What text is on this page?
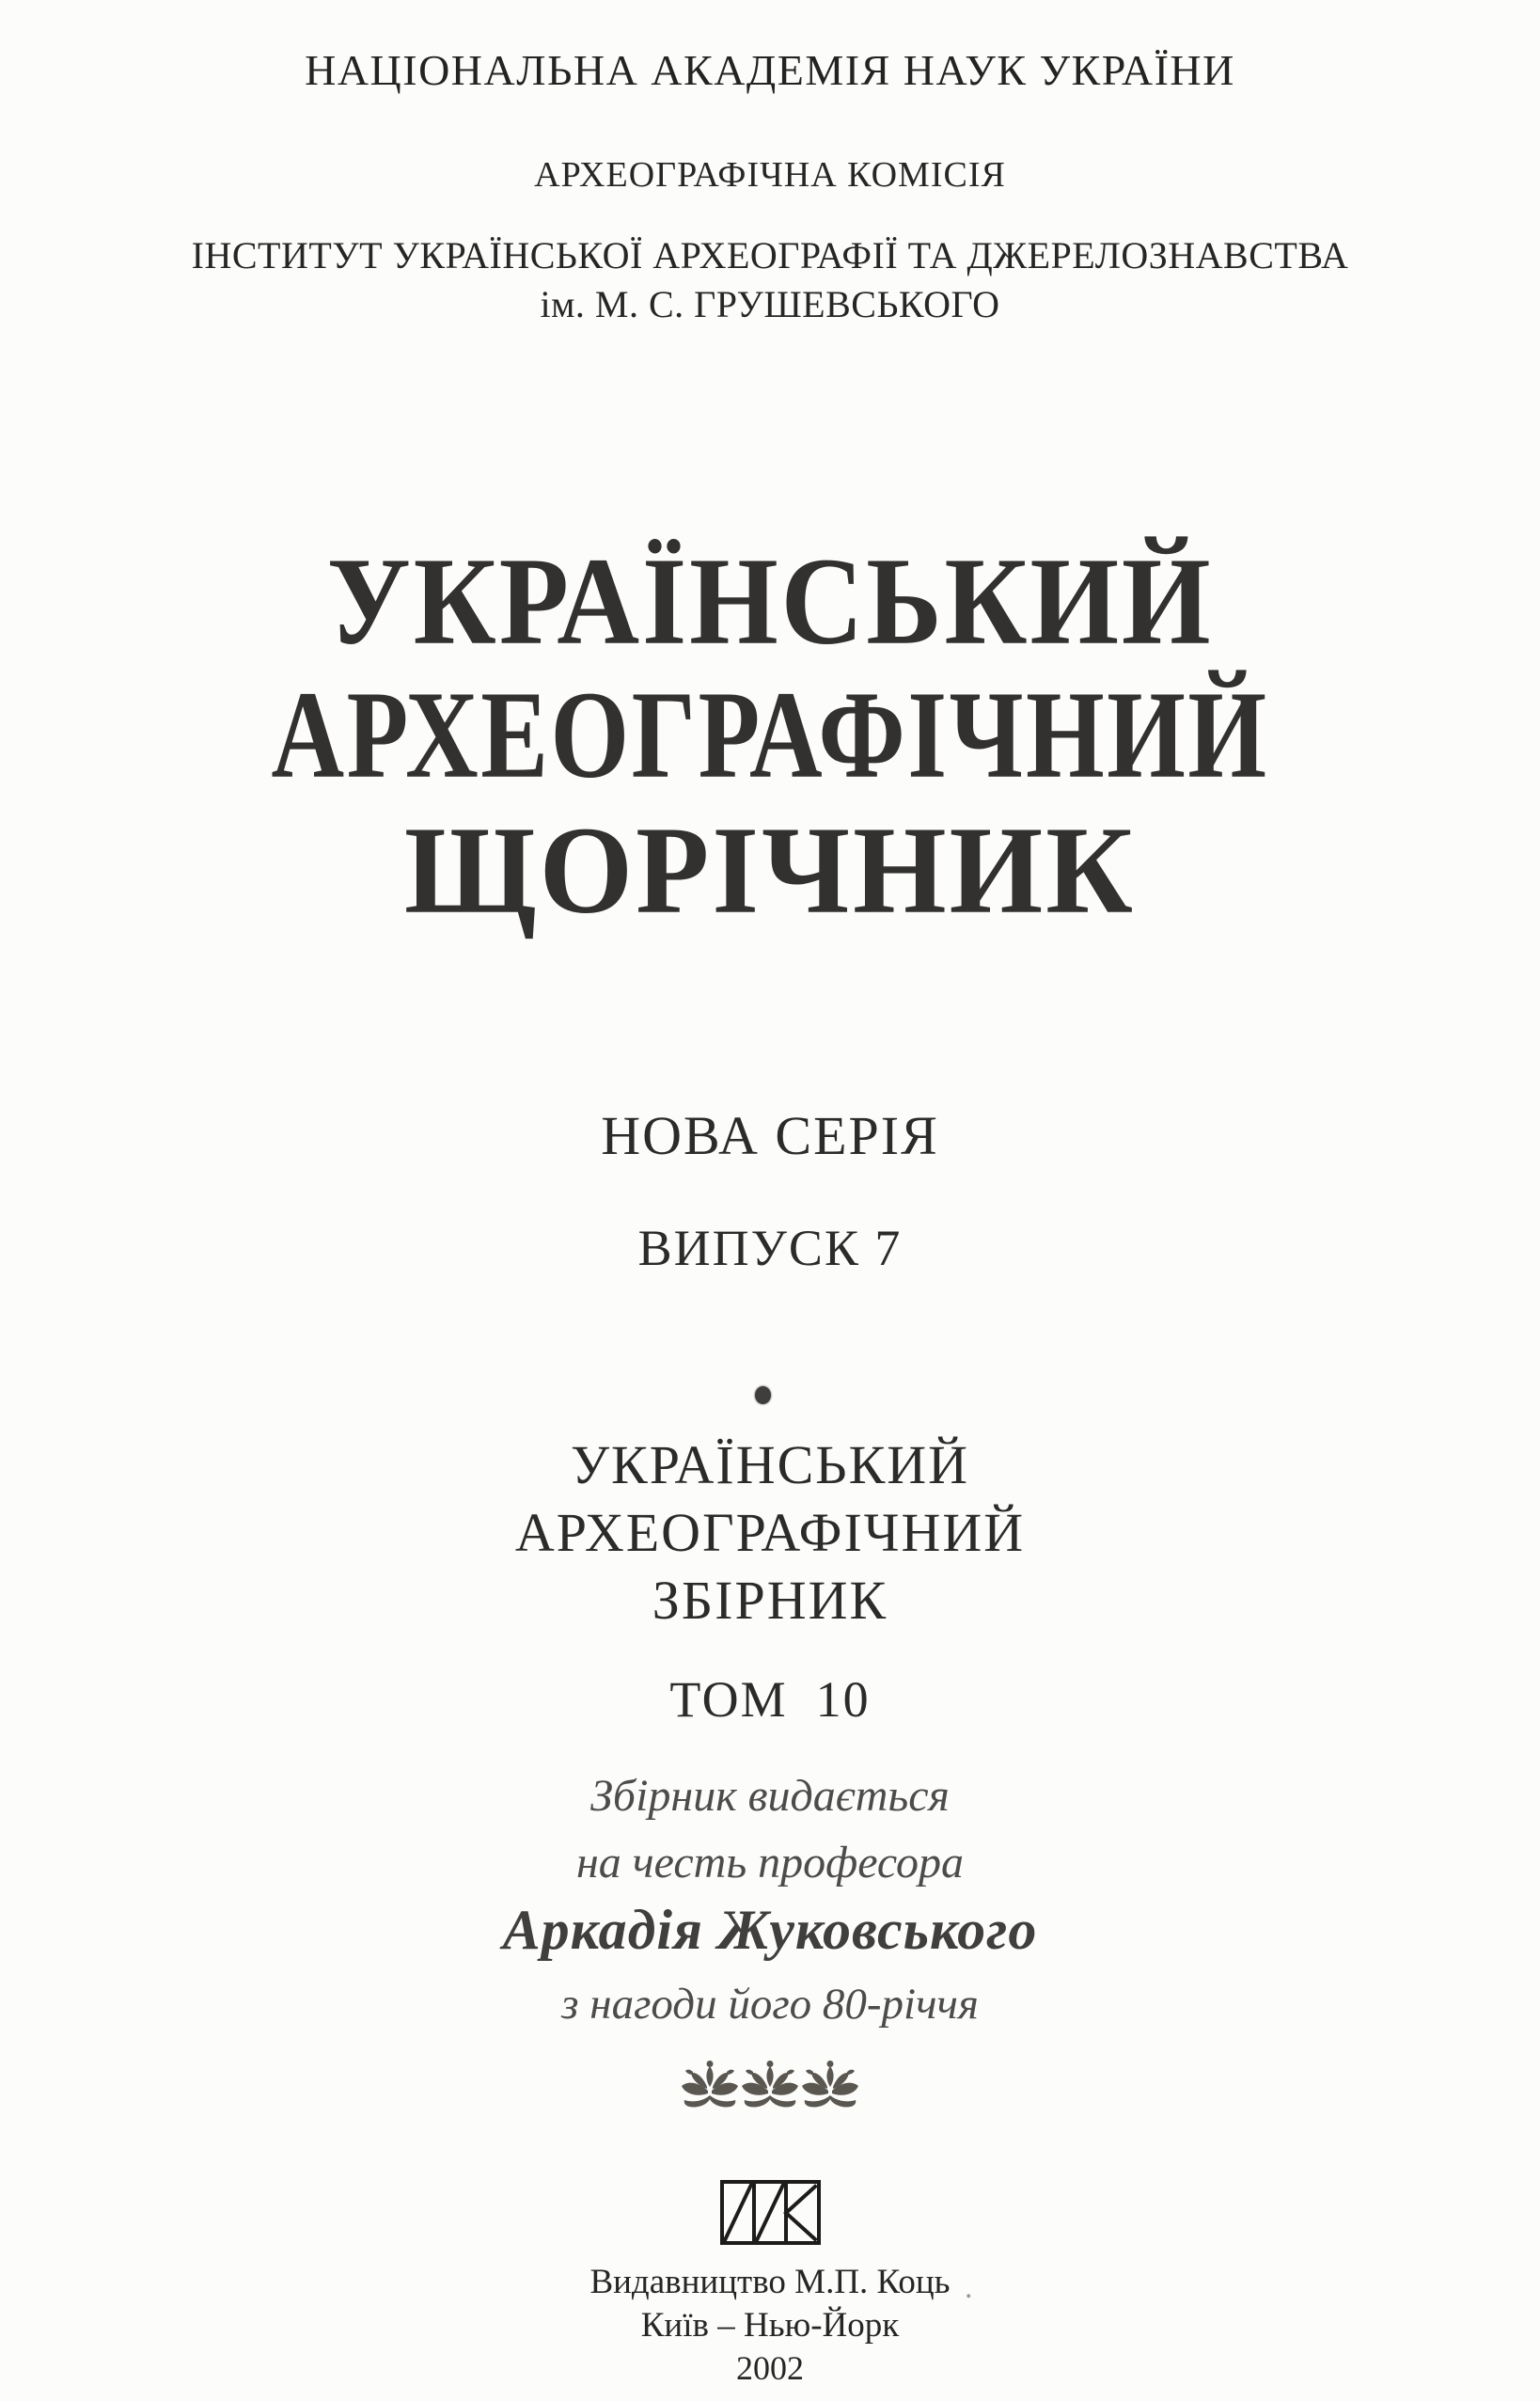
НАЦІОНАЛЬНА АКАДЕМІЯ НАУК УКРАЇНИ
АРХЕОГРАФІЧНА КОМІСІЯ
ІНСТИТУТ УКРАЇНСЬКОЇ АРХЕОГРАФІЇ ТА ДЖЕРЕЛОЗНАВСТВА
ім. М. С. ГРУШЕВСЬКОГО
УКРАЇНСЬКИЙ
АРХЕОГРАФІЧНИЙ
ЩОРІЧНИК
НОВА СЕРІЯ
ВИПУСК 7
УКРАЇНСЬКИЙ
АРХЕОГРАФІЧНИЙ
ЗБІРНИК
ТОМ 10
Збірник видається
на честь професора
Аркадія Жуковського
з нагоди його 80-річчя
Видавництво М.П. Коць .
Київ – Нью-Йорк
2002
